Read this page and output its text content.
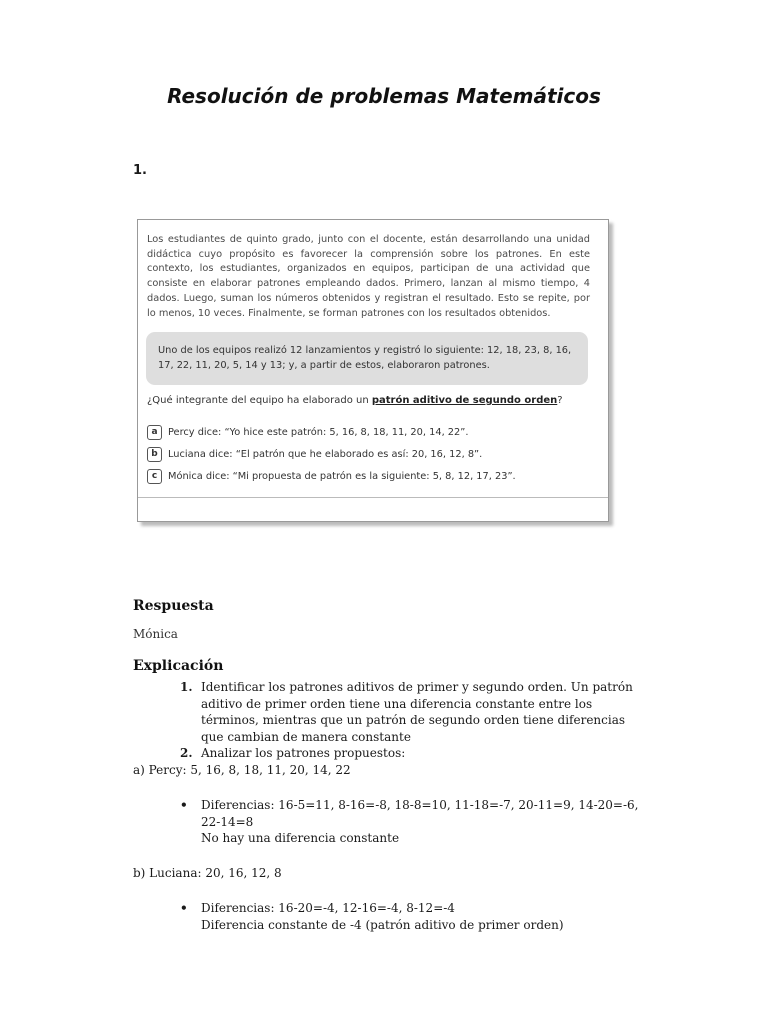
Resolución de problemas Matemáticos

1.

Los estudiantes de quinto grado, junto con el docente, están desarrollando una unidad didáctica cuyo propósito es favorecer la comprensión sobre los patrones. En este contexto, los estudiantes, organizados en equipos, participan de una actividad que consiste en elaborar patrones empleando dados. Primero, lanzan al mismo tiempo, 4 dados. Luego, suman los números obtenidos y registran el resultado. Esto se repite, por lo menos, 10 veces. Finalmente, se forman patrones con los resultados obtenidos.

Uno de los equipos realizó 12 lanzamientos y registró lo siguiente: 12, 18, 23, 8, 16, 17, 22, 11, 20, 5, 14 y 13; y, a partir de estos, elaboraron patrones.

¿Qué integrante del equipo ha elaborado un patrón aditivo de segundo orden?

a	Percy dice: “Yo hice este patrón: 5, 16, 8, 18, 11, 20, 14, 22”.
b	Luciana dice: “El patrón que he elaborado es así: 20, 16, 12, 8”.
c	Mónica dice: “Mi propuesta de patrón es la siguiente: 5, 8, 12, 17, 23”.
Respuesta

Mónica

Explicación
1. Identificar los patrones aditivos de primer y segundo orden. Un patrón aditivo de primer orden tiene una diferencia constante entre los términos, mientras que un patrón de segundo orden tiene diferencias que cambian de manera constante
2. Analizar los patrones propuestos:

a) Percy: 5, 16, 8, 18, 11, 20, 14, 22

• Diferencias: 16-5=11, 8-16=-8, 18-8=10, 11-18=-7, 20-11=9, 14-20=-6, 22-14=8
No hay una diferencia constante

b) Luciana: 20, 16, 12, 8

• Diferencias: 16-20=-4, 12-16=-4, 8-12=-4
Diferencia constante de -4 (patrón aditivo de primer orden)
